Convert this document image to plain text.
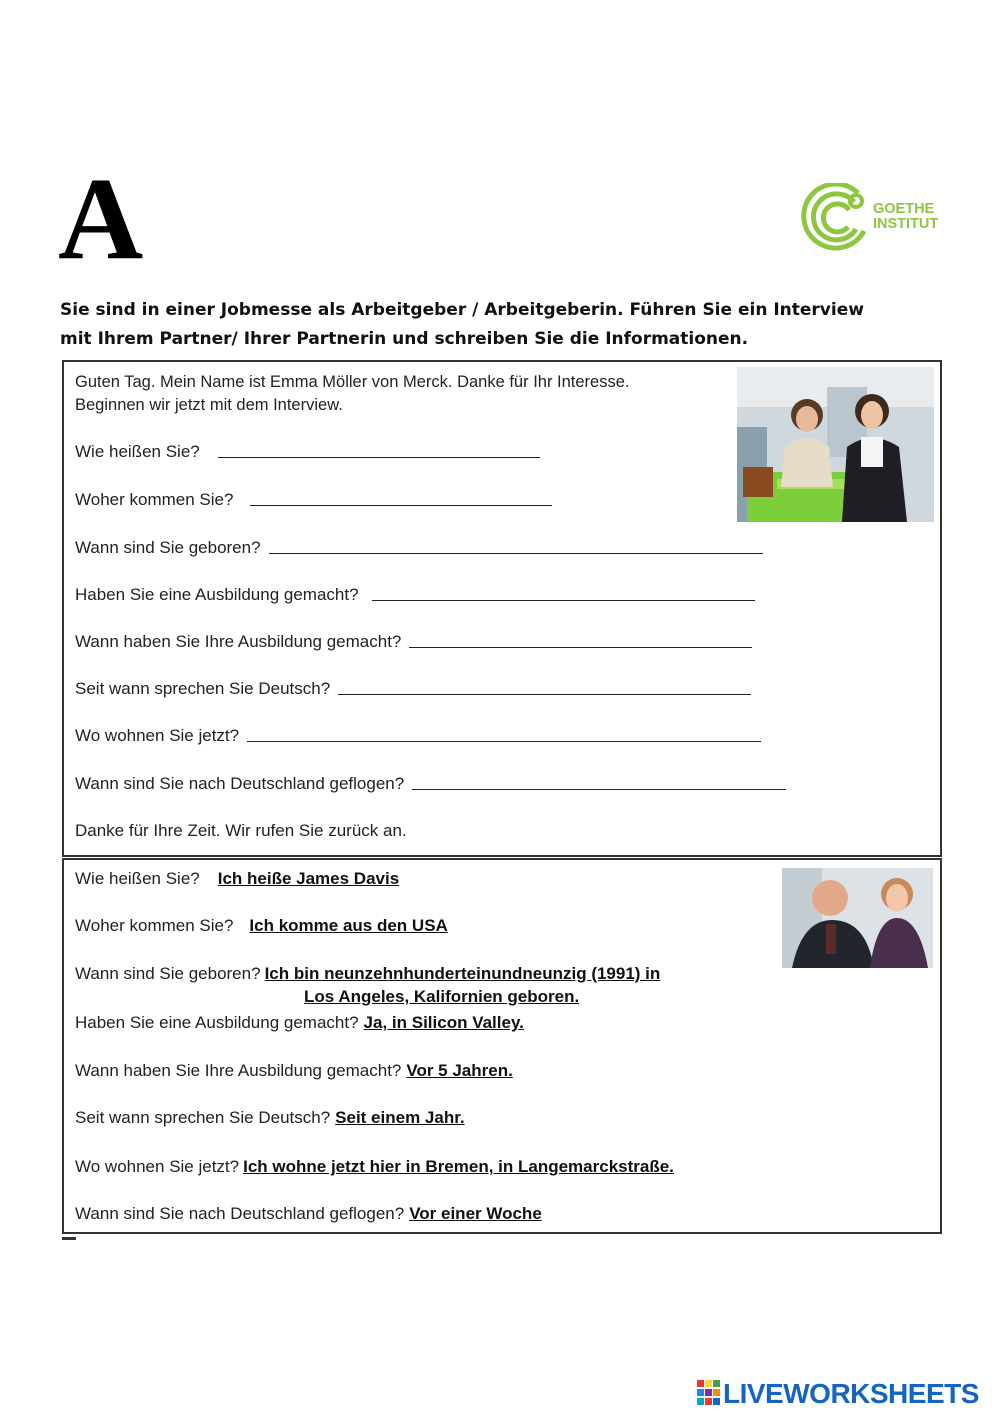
A	GOETHE
INSTITUT
Sie sind in einer Jobmesse als Arbeitgeber / Arbeitgeberin. Führen Sie ein Interview mit Ihrem Partner/ Ihrer Partnerin und schreiben Sie die Informationen.
Guten Tag. Mein Name ist Emma Möller von Merck. Danke für Ihr Interesse. Beginnen wir jetzt mit dem Interview.
Wie heißen Sie?
Woher kommen Sie?
Wann sind Sie geboren?
Haben Sie eine Ausbildung gemacht?
Wann haben Sie Ihre Ausbildung gemacht?
Seit wann sprechen Sie Deutsch?
Wo wohnen Sie jetzt?
Wann sind Sie nach Deutschland geflogen?
Danke für Ihre Zeit. Wir rufen Sie zurück an.
Wie heißen Sie? Ich heiße James Davis
Woher kommen Sie? Ich komme aus den USA
Wann sind Sie geboren? Ich bin neunzehnhunderteinundneunzig (1991) in
Los Angeles, Kalifornien geboren.
Haben Sie eine Ausbildung gemacht? Ja, in Silicon Valley.
Wann haben Sie Ihre Ausbildung gemacht? Vor 5 Jahren.
Seit wann sprechen Sie Deutsch? Seit einem Jahr.
Wo wohnen Sie jetzt? Ich wohne jetzt hier in Bremen, in Langemarckstraße.
Wann sind Sie nach Deutschland geflogen? Vor einer Woche
LIVEWORKSHEETS
